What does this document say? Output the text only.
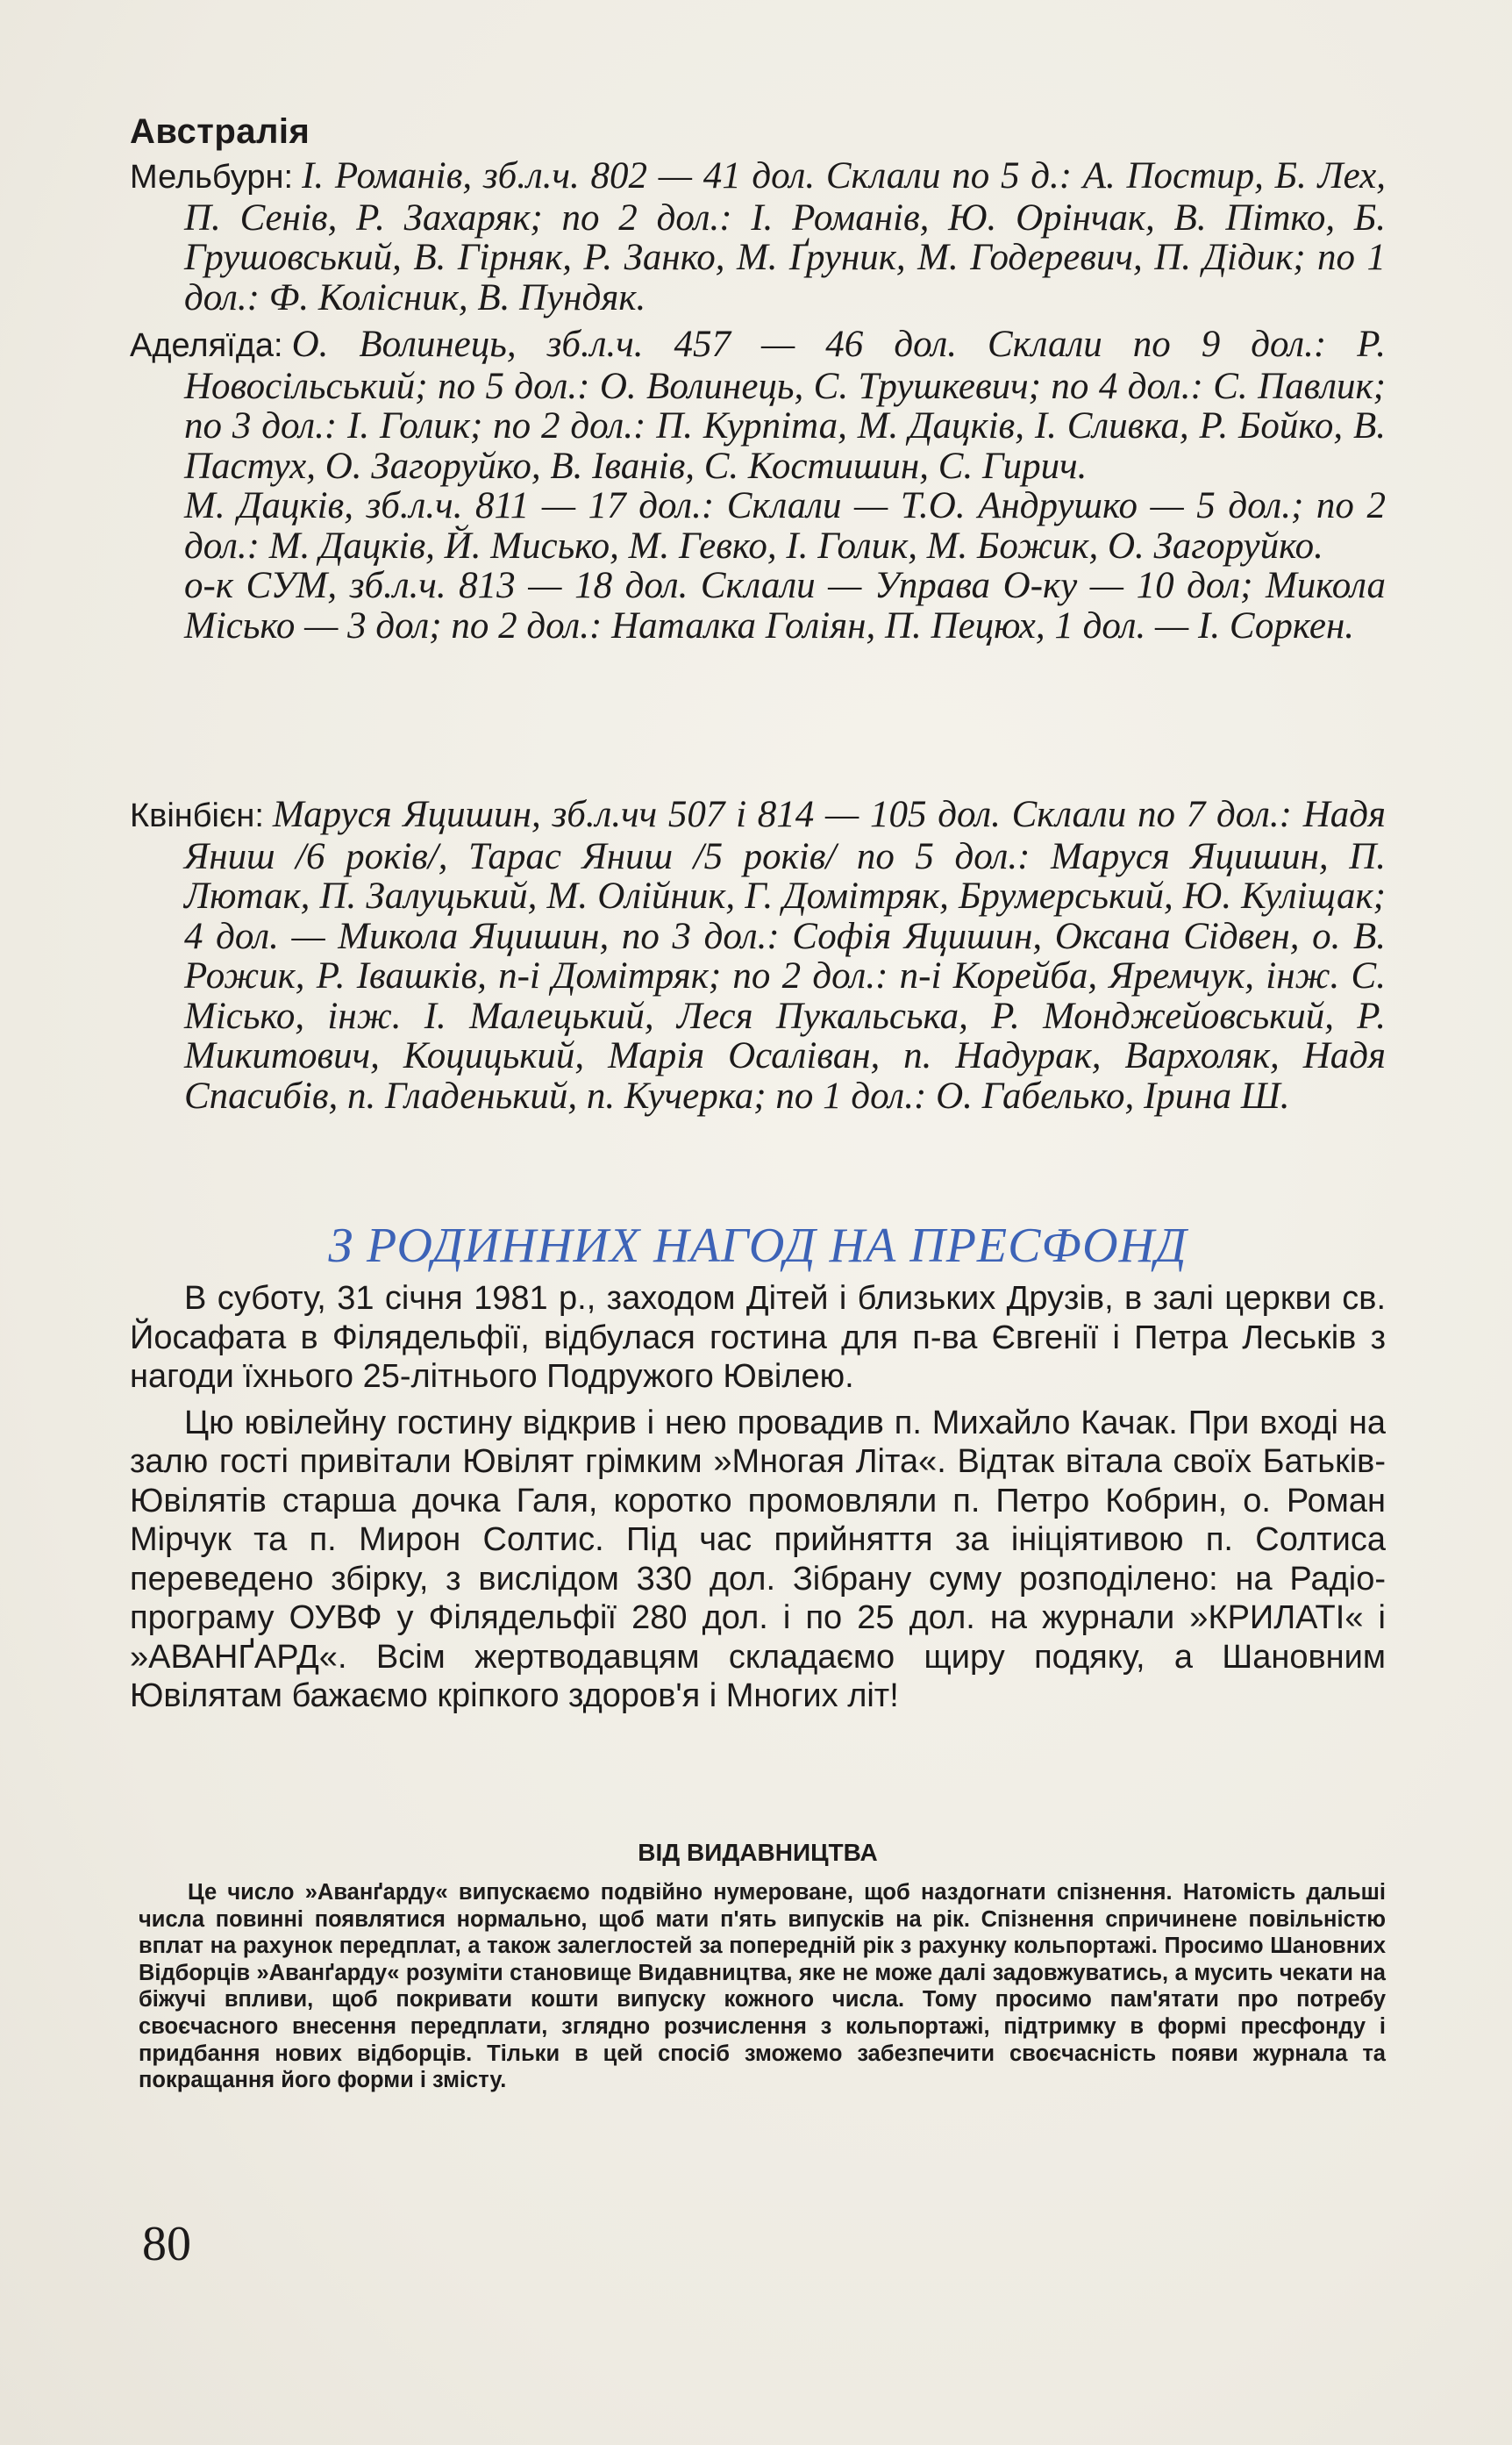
Австралія

Мельбурн: І. Романів, зб.л.ч. 802 — 41 дол. Склали по 5 д.: А. Постир, Б. Лех, П. Сенів, Р. Захаряк; по 2 дол.: І. Романів, Ю. Орінчак, В. Пітко, Б. Грушовський, В. Гірняк, Р. Занко, М. Ґруник, М. Годеревич, П. Дідик; по 1 дол.: Ф. Колісник, В. Пундяк.

Аделяїда: О. Волинець, зб.л.ч. 457 — 46 дол. Склали по 9 дол.: Р. Новосільський; по 5 дол.: О. Волинець, С. Трушкевич; по 4 дол.: С. Павлик; по 3 дол.: І. Голик; по 2 дол.: П. Курпіта, М. Дацків, І. Сливка, Р. Бойко, В. Пастух, О. Загоруйко, В. Іванів, С. Костишин, С. Гирич.

М. Дацків, зб.л.ч. 811 — 17 дол.: Склали — Т.О. Андрушко — 5 дол.; по 2 дол.: М. Дацків, Й. Мисько, М. Гевко, І. Голик, М. Божик, О. Загоруйко.

о-к СУМ, зб.л.ч. 813 — 18 дол. Склали — Управа О-ку — 10 дол; Микола Місько — 3 дол; по 2 дол.: Наталка Голіян, П. Пецюх, 1 дол. — І. Соркен.

Квінбієн: Маруся Яцишин, зб.л.чч 507 і 814 — 105 дол. Склали по 7 дол.: Надя Яниш /6 років/, Тарас Яниш /5 років/ по 5 дол.: Маруся Яцишин, П. Лютак, П. Залуцький, М. Олійник, Г. Домітряк, Брумерський, Ю. Куліщак; 4 дол. — Микола Яцишин, по 3 дол.: Софія Яцишин, Оксана Сідвен, о. В. Рожик, Р. Івашків, п-і Домітряк; по 2 дол.: п-і Корейба, Яремчук, інж. С. Місько, інж. І. Малецький, Леся Пукальська, Р. Монджейовський, Р. Микитович, Коцицький, Марія Осаліван, п. Надурак, Вархоляк, Надя Спасибів, п. Гладенький, п. Кучерка; по 1 дол.: О. Габелько, Ірина Ш.

З РОДИННИХ НАГОД НА ПРЕСФОНД

В суботу, 31 січня 1981 р., заходом Дітей і близьких Друзів, в залі церкви св. Йосафата в Філядельфії, відбулася гостина для п-ва Євгенії і Петра Леськів з нагоди їхнього 25-літнього Подружого Ювілею.

Цю ювілейну гостину відкрив і нею провадив п. Михайло Качак. При вході на залю гості привітали Ювілят грімким »Многая Літа«. Відтак вітала своїх Батьків-Ювілятів старша дочка Галя, коротко промовляли п. Петро Кобрин, о. Роман Мірчук та п. Мирон Солтис. Під час прийняття за ініціятивою п. Солтиса переведено збірку, з вислідом 330 дол. Зібрану суму розподілено: на Радіо-програму ОУВФ у Філядельфії 280 дол. і по 25 дол. на журнали »КРИЛАТІ« і »АВАНҐАРД«. Всім жертводавцям складаємо щиру подяку, а Шановним Ювілятам бажаємо кріпкого здоров'я і Многих літ!

ВІД ВИДАВНИЦТВА

Це число »Аванґарду« випускаємо подвійно нумероване, щоб наздогнати спізнення. Натомість дальші числа повинні появлятися нормально, щоб мати п'ять випусків на рік. Спізнення спричинене повільністю вплат на рахунок передплат, а також залеглостей за попередній рік з рахунку кольпортажі. Просимо Шановних Відборців »Аванґарду« розуміти становище Видавництва, яке не може далі задовжуватись, а мусить чекати на біжучі впливи, щоб покривати кошти випуску кожного числа. Тому просимо пам'ятати про потребу своєчасного внесення передплати, зглядно розчислення з кольпортажі, підтримку в формі пресфонду і придбання нових відборців. Тільки в цей спосіб зможемо забезпечити своєчасність появи журнала та покращання його форми і змісту.

80
